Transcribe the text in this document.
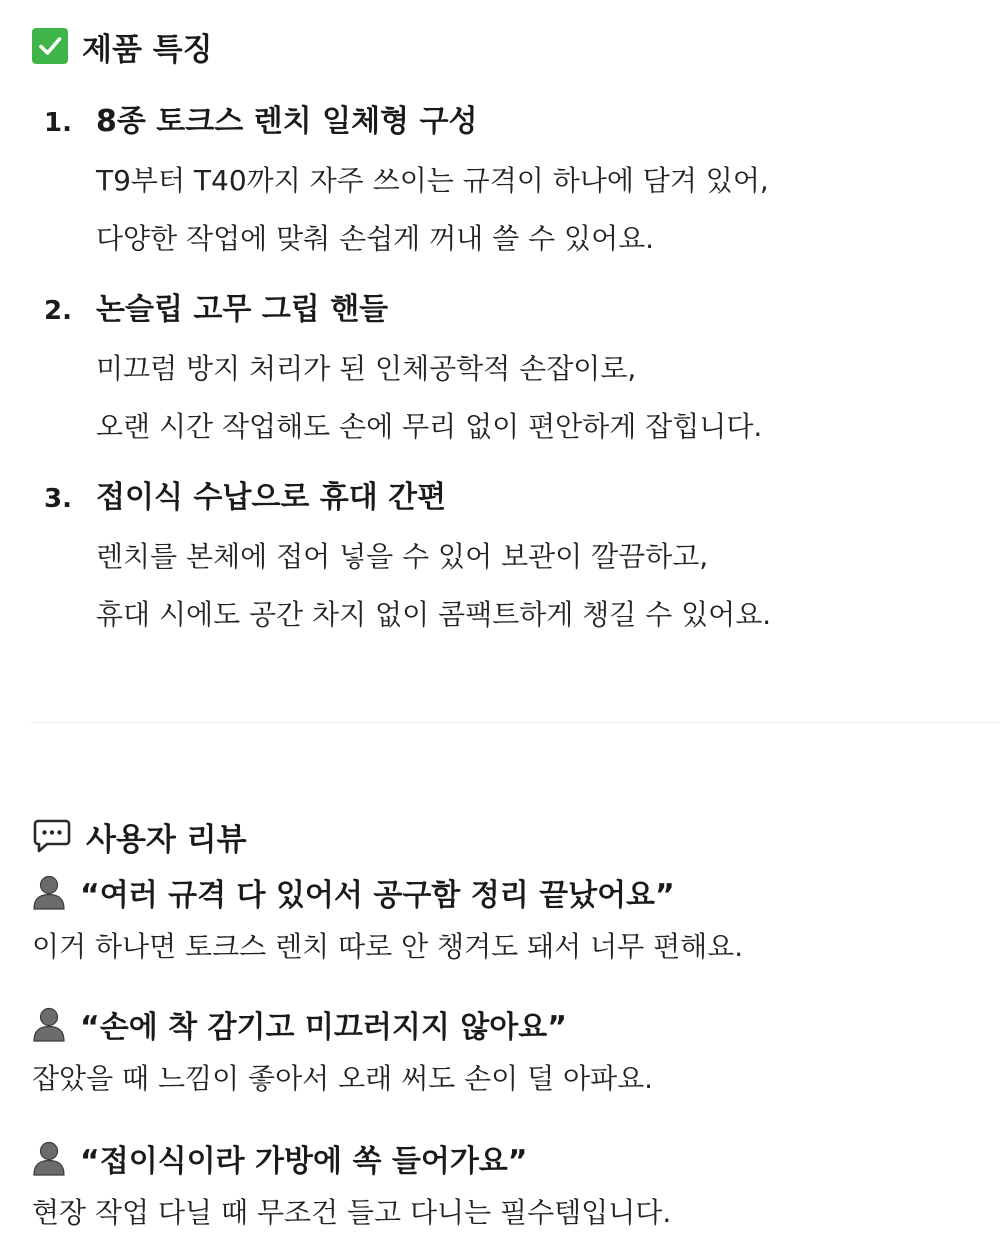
제품 특징
1. 8종 토크스 렌치 일체형 구성
T9부터 T40까지 자주 쓰이는 규격이 하나에 담겨 있어,
다양한 작업에 맞춰 손쉽게 꺼내 쓸 수 있어요.
2. 논슬립 고무 그립 핸들
미끄럼 방지 처리가 된 인체공학적 손잡이로,
오랜 시간 작업해도 손에 무리 없이 편안하게 잡힙니다.
3. 접이식 수납으로 휴대 간편
렌치를 본체에 접어 넣을 수 있어 보관이 깔끔하고,
휴대 시에도 공간 차지 없이 콤팩트하게 챙길 수 있어요.
사용자 리뷰
“여러 규격 다 있어서 공구함 정리 끝났어요”
이거 하나면 토크스 렌치 따로 안 챙겨도 돼서 너무 편해요.
“손에 착 감기고 미끄러지지 않아요”
잡았을 때 느낌이 좋아서 오래 써도 손이 덜 아파요.
“접이식이라 가방에 쏙 들어가요”
현장 작업 다닐 때 무조건 들고 다니는 필수템입니다.
